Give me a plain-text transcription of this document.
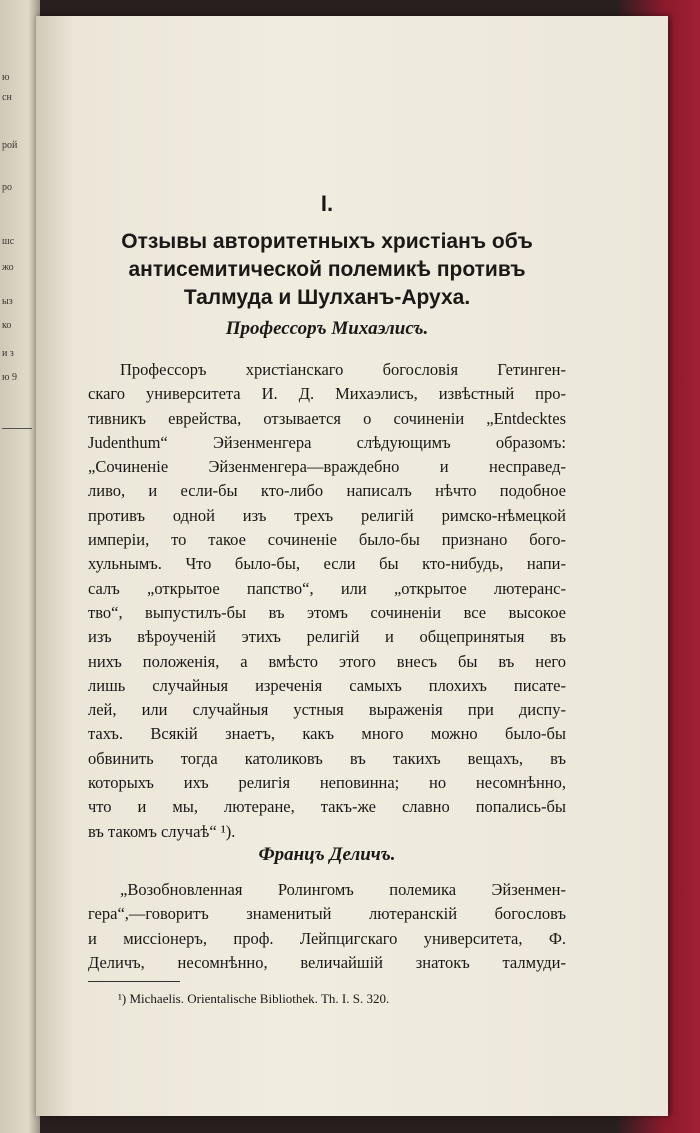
ю
сн
рой
ро
шс
жо
ыз
ко
и з
ю 9
I.
Отзывы авторитетныхъ христіанъ объ
антисемитической полемикѣ противъ
Талмуда и Шулханъ-Аруха.
Профессоръ Михаэлисъ.
Профессоръ христіанскаго богословія Гетинген-
скаго университета И. Д. Михаэлисъ, извѣстный про-
тивникъ еврейства, отзывается о сочиненіи „Entdecktes
Judenthum“ Эйзенменгера слѣдующимъ образомъ:
„Сочиненіе Эйзенменгера—враждебно и несправед-
ливо, и если-бы кто-либо написалъ нѣчто подобное
противъ одной изъ трехъ религій римско-нѣмецкой
имперіи, то такое сочиненіе было-бы признано бого-
хульнымъ. Что было-бы, если бы кто-нибудь, напи-
салъ „открытое папство“, или „открытое лютеранс-
тво“, выпустилъ-бы въ этомъ сочиненіи все высокое
изъ вѣроученій этихъ религій и общепринятыя въ
нихъ положенія, а вмѣсто этого внесъ бы въ него
лишь случайныя изреченія самыхъ плохихъ писате-
лей, или случайныя устныя выраженія при диспу-
тахъ. Всякій знаетъ, какъ много можно было-бы
обвинить тогда католиковъ въ такихъ вещахъ, въ
которыхъ ихъ религія неповинна; но несомнѣнно,
что и мы, лютеране, такъ-же славно попались-бы
въ такомъ случаѣ“ ¹).
Францъ Деличъ.
„Возобновленная Ролингомъ полемика Эйзенмен-
гера“,—говоритъ знаменитый лютеранскій богословъ
и миссіонеръ, проф. Лейпцигскаго университета, Ф.
Деличъ, несомнѣнно, величайшій знатокъ талмуди-
¹) Michaelis. Orientalische Bibliothek. Th. I. S. 320.
